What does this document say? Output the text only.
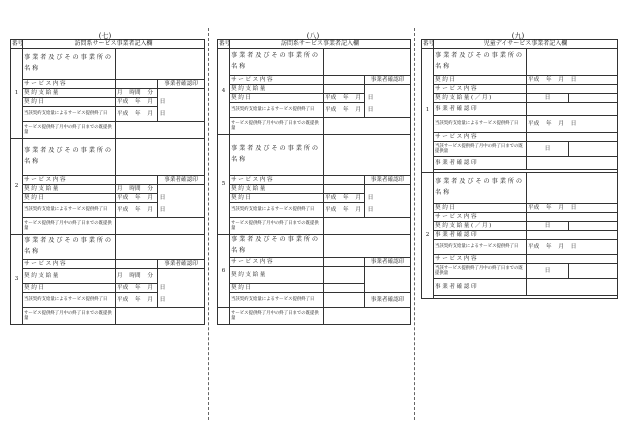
(七)	(八)	(九)
番号	訪問系サービス事業者記入欄		
1	事業者及びその事業所の名称		

	サービス内容		事業者確認印
	契約支給量	月 時間 分	
	契約日	平成 年 月 日	
	当該契約支給量によるサービス提供終了日	平成 年 月 日	
	サービス提供終了月中の終了日までの既提供量		
2	事業者及びその事業所の名称		

	サービス内容		事業者確認印
	契約支給量	月 時間 分	
	契約日	平成 年 月 日	
	当該契約支給量によるサービス提供終了日	平成 年 月 日	
	サービス提供終了月中の終了日までの既提供量		
3	事業者及びその事業所の名称		

	サービス内容		事業者確認印
	契約支給量	月 時間 分	
	契約日	平成 年 月 日	
	当該契約支給量によるサービス提供終了日	平成 年 月 日	
	サービス提供終了月中の終了日までの既提供量		
番号	訪問系サービス事業者記入欄		
4	事業者及びその事業所の名称		

	サービス内容		事業者確認印
	契約支給量		
	契約日	平成 年 月 日	
	当該契約支給量によるサービス提供終了日	平成 年 月 日	
	サービス提供終了月中の終了日までの既提供量		
5	事業者及びその事業所の名称		

	サービス内容		事業者確認印
	契約支給量		
	契約日	平成 年 月 日	
	当該契約支給量によるサービス提供終了日	平成 年 月 日	
	サービス提供終了月中の終了日までの既提供量		
6	事業者及びその事業所の名称		

	サービス内容		事業者確認印
	契約支給量		
	契約日		
	当該契約支給量によるサービス提供終了日		事業者確認印
	サービス提供終了月中の終了日までの既提供量		
番号	児童デイサービス事業者記入欄		
1	事業者及びその事業所の名称		
	契約日	平成 年 月 日	
	サービス内容		
	契約支給量(／月)	日	
	事業者確認印		
	当該契約支給量によるサービス提供終了日	平成 年 月 日	
	サービス内容		
	当該サービス提供終了月中の終了日までの既提供量	日	
	事業者確認印		

2	事業者及びその事業所の名称		
	契約日	平成 年 月 日	
	サービス内容		
	契約支給量(／月)	日	
	事業者確認印		
	当該契約支給量によるサービス提供終了日	平成 年 月 日	
	サービス内容		
	当該サービス提供終了月中の終了日までの既提供量	日	
	事業者確認印		
